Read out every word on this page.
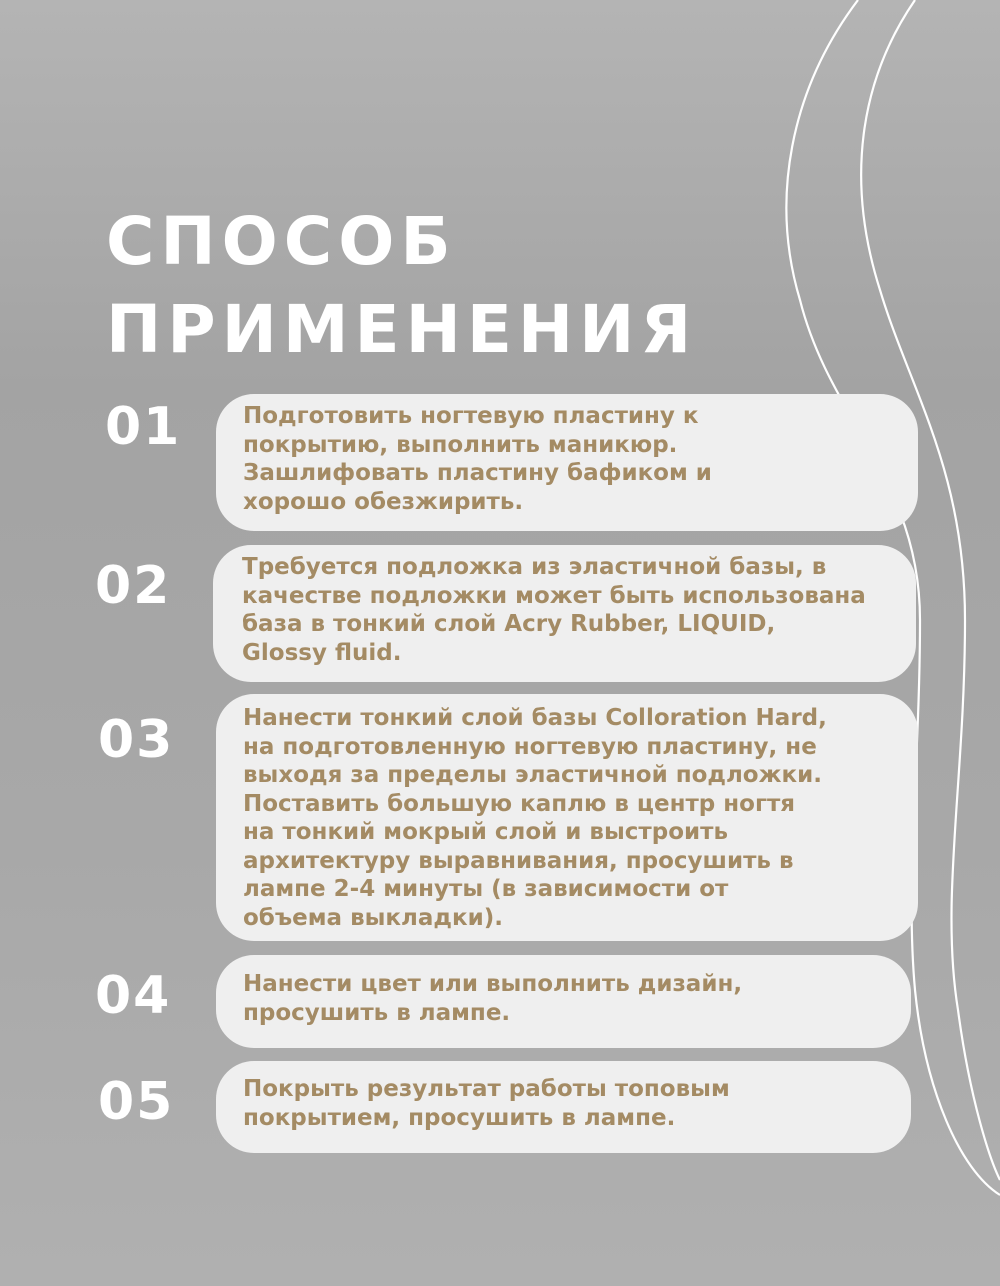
СПОСОБ
ПРИМЕНЕНИЯ
01	Подготовить ногтевую пластину к
покрытию, выполнить маникюр.
Зашлифовать пластину бафиком и
хорошо обезжирить.
02	Требуется подложка из эластичной базы, в
качестве подложки может быть использована
база в тонкий слой Acry Rubber, LIQUID,
Glossy fluid.
03	Нанести тонкий слой базы Colloration Hard,
на подготовленную ногтевую пластину, не
выходя за пределы эластичной подложки.
Поставить большую каплю в центр ногтя
на тонкий мокрый слой и выстроить
архитектуру выравнивания, просушить в
лампе 2-4 минуты (в зависимости от
объема выкладки).
04	Нанести цвет или выполнить дизайн,
просушить в лампе.
05	Покрыть результат работы топовым
покрытием, просушить в лампе.
